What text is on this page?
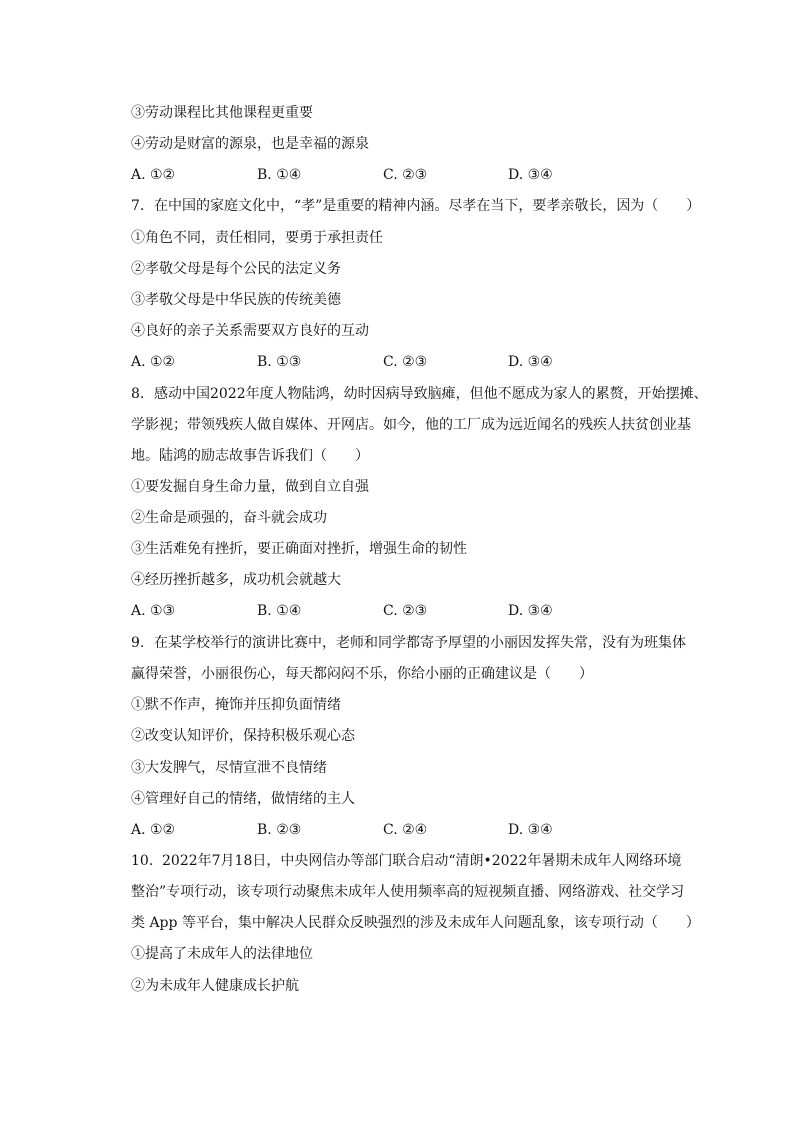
③劳动课程比其他课程更重要
④劳动是财富的源泉，也是幸福的源泉
A. ①②	B. ①④	C. ②③	D. ③④
7. 在中国的家庭文化中，“孝”是重要的精神内涵。尽孝在当下，要孝亲敬长，因为（　　）
①角色不同，责任相同，要勇于承担责任
②孝敬父母是每个公民的法定义务
③孝敬父母是中华民族的传统美德
④良好的亲子关系需要双方良好的互动
A. ①②	B. ①③	C. ②③	D. ③④
8. 感动中国2022年度人物陆鸿，幼时因病导致脑瘫，但他不愿成为家人的累赘，开始摆摊、
学影视；带领残疾人做自媒体、开网店。如今，他的工厂成为远近闻名的残疾人扶贫创业基
地。陆鸿的励志故事告诉我们（　　）
①要发掘自身生命力量，做到自立自强
②生命是顽强的，奋斗就会成功
③生活难免有挫折，要正确面对挫折，增强生命的韧性
④经历挫折越多，成功机会就越大
A. ①③	B. ①④	C. ②③	D. ③④
9. 在某学校举行的演讲比赛中，老师和同学都寄予厚望的小丽因发挥失常，没有为班集体
赢得荣誉，小丽很伤心，每天都闷闷不乐，你给小丽的正确建议是（　　）
①默不作声，掩饰并压抑负面情绪
②改变认知评价，保持积极乐观心态
③大发脾气，尽情宣泄不良情绪
④管理好自己的情绪，做情绪的主人
A. ①②	B. ②③	C. ②④	D. ③④
10. 2022年7月18日，中央网信办等部门联合启动“清朗•2022年暑期未成年人网络环境
整治”专项行动，该专项行动聚焦未成年人使用频率高的短视频直播、网络游戏、社交学习
类 App 等平台，集中解决人民群众反映强烈的涉及未成年人问题乱象，该专项行动（　　）
①提高了未成年人的法律地位
②为未成年人健康成长护航
